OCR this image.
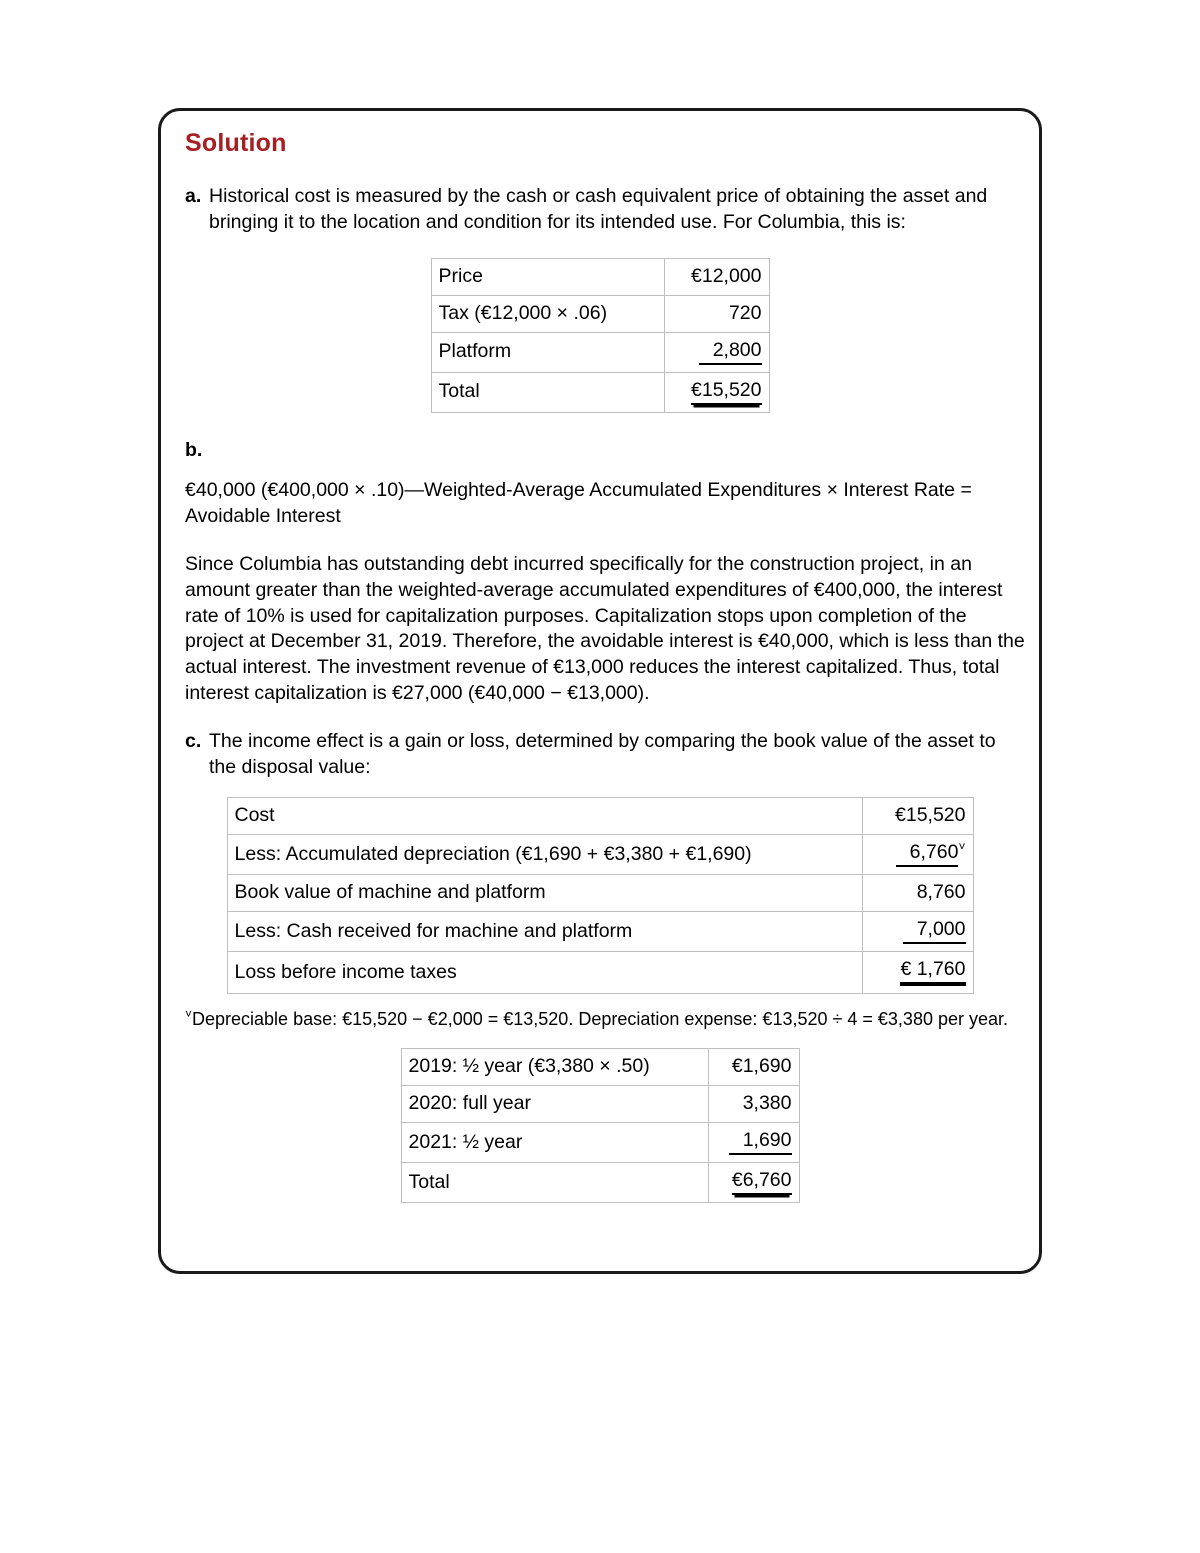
Solution
a. Historical cost is measured by the cash or cash equivalent price of obtaining the asset and bringing it to the location and condition for its intended use. For Columbia, this is:
Price	€12,000
Tax (€12,000 × .06)	720
Platform	2,800
Total	€15,520
b.
€40,000 (€400,000 × .10)—Weighted-Average Accumulated Expenditures × Interest Rate = Avoidable Interest
Since Columbia has outstanding debt incurred specifically for the construction project, in an amount greater than the weighted-average accumulated expenditures of €400,000, the interest rate of 10% is used for capitalization purposes. Capitalization stops upon completion of the project at December 31, 2019. Therefore, the avoidable interest is €40,000, which is less than the actual interest. The investment revenue of €13,000 reduces the interest capitalized. Thus, total interest capitalization is €27,000 (€40,000 − €13,000).
c. The income effect is a gain or loss, determined by comparing the book value of the asset to the disposal value:
Cost	€15,520
Less: Accumulated depreciation (€1,690 + €3,380 + €1,690)	6,760˅
Book value of machine and platform	8,760
Less: Cash received for machine and platform	7,000
Loss before income taxes	€ 1,760
˅Depreciable base: €15,520 − €2,000 = €13,520. Depreciation expense: €13,520 ÷ 4 = €3,380 per year.
2019: ½ year (€3,380 × .50)	€1,690
2020: full year	3,380
2021: ½ year	1,690
Total	€6,760
